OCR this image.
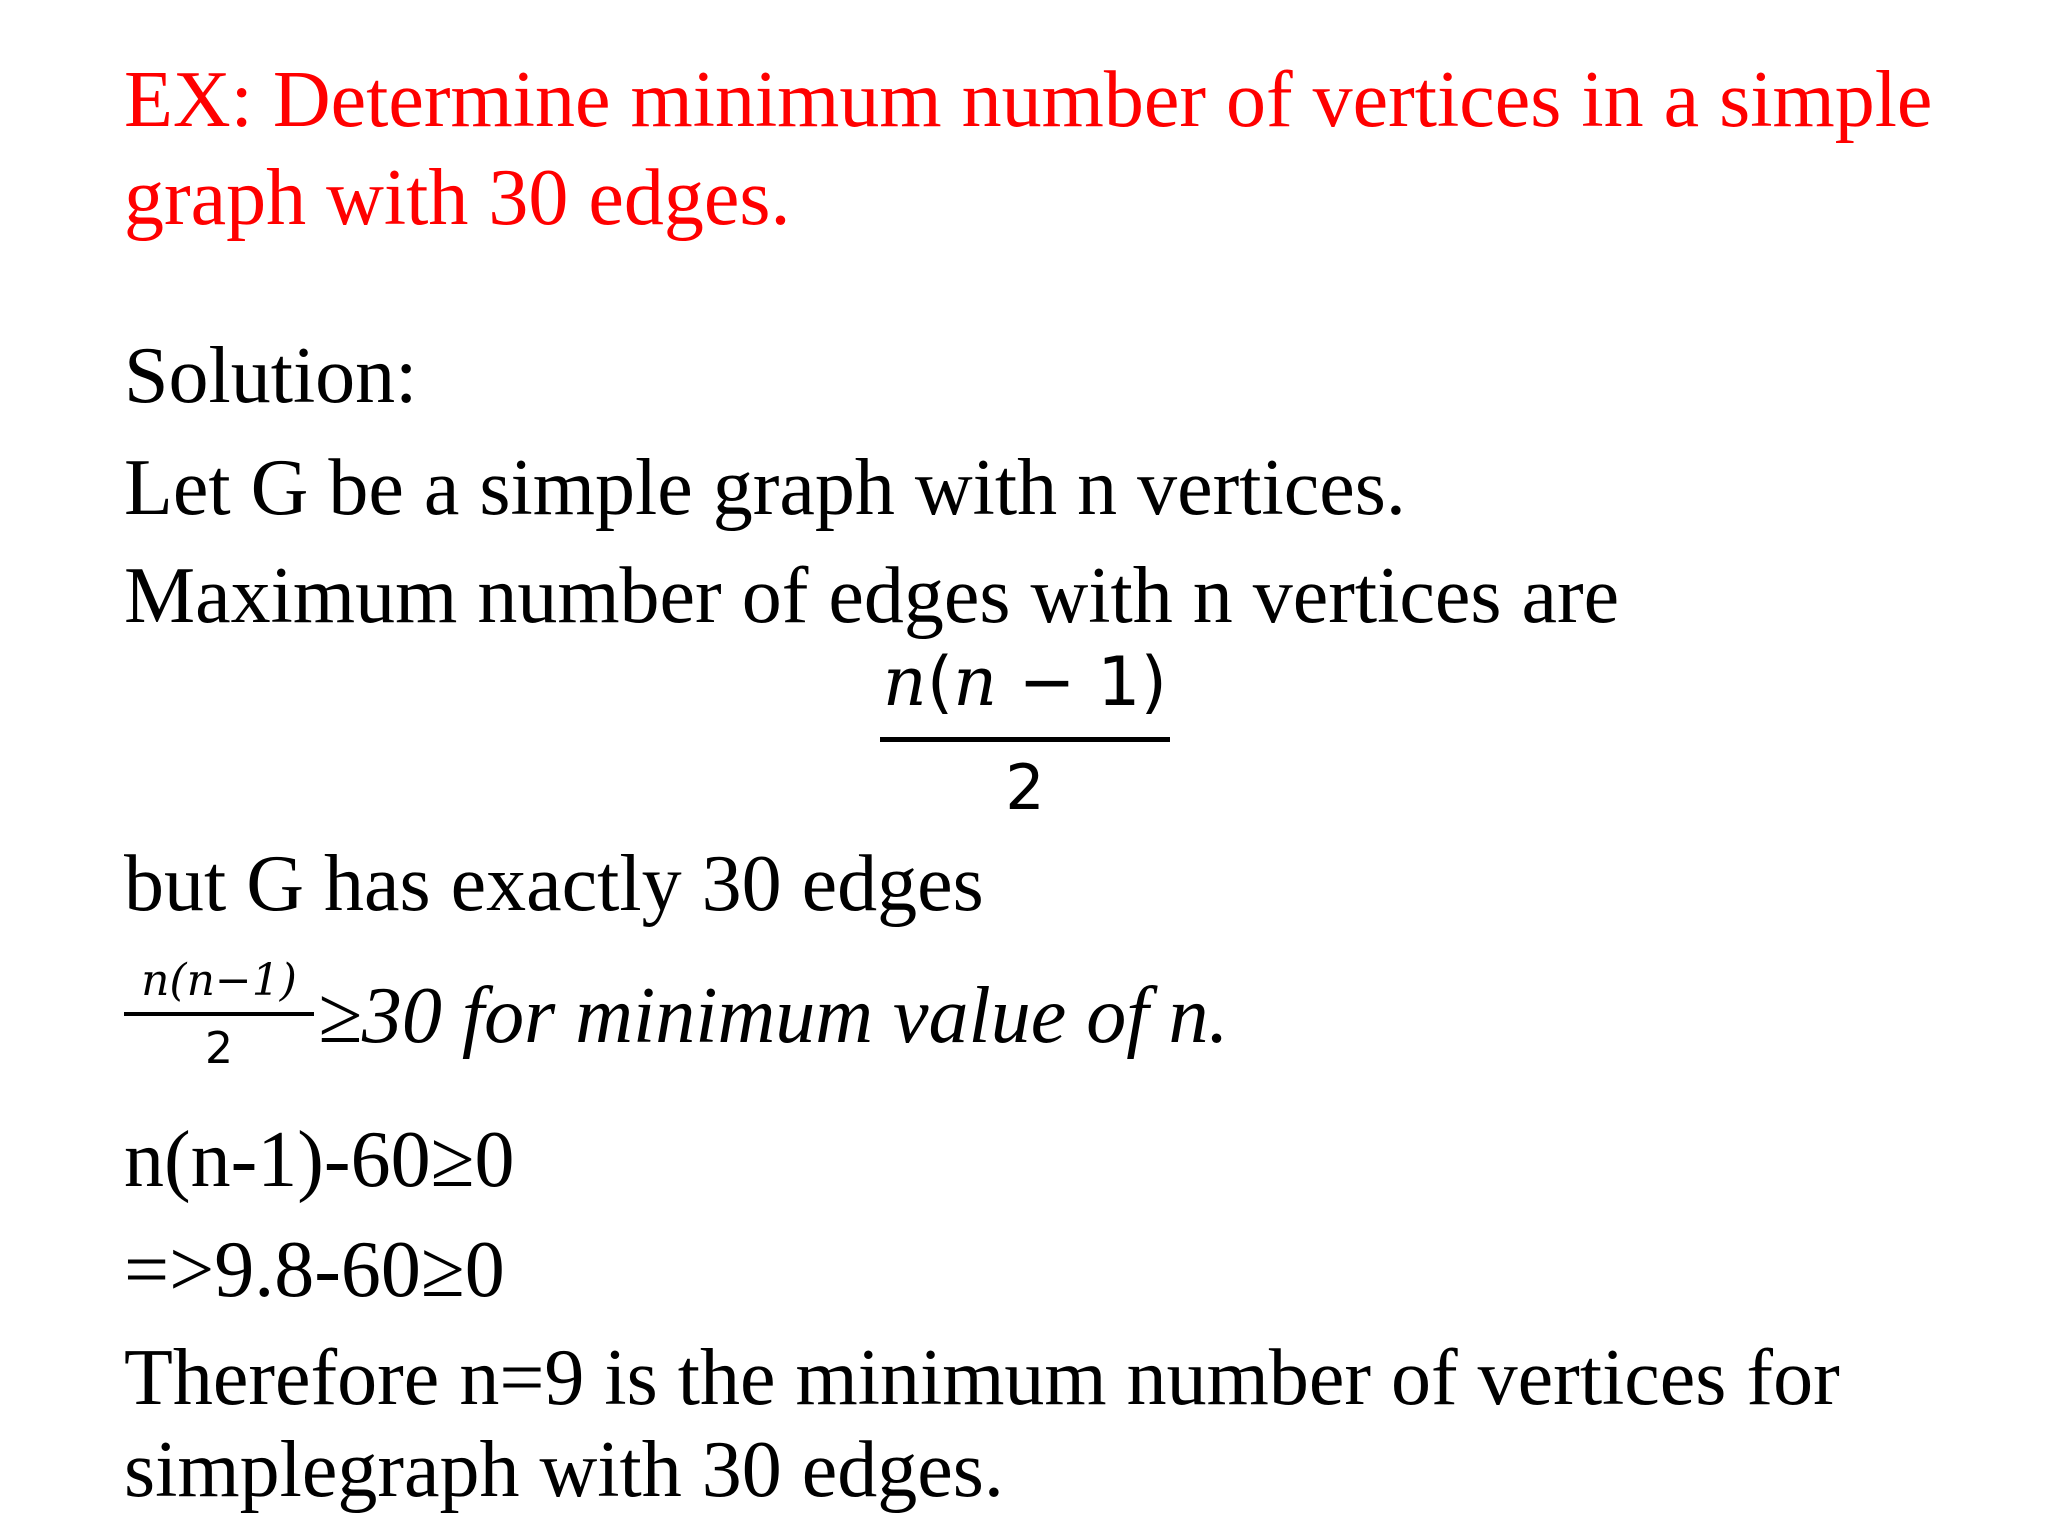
EX: Determine minimum number of vertices in a simple
graph with 30 edges.
Solution:
Let G be a simple graph with n vertices.
Maximum number of edges with n vertices are
n(n − 1)
2
but G has exactly 30 edges
n(n−1)
2	≥30 for minimum value of n.
n(n-1)-60≥0
=>9.8-60≥0
Therefore n=9 is the minimum number of vertices for
simplegraph with 30 edges.
